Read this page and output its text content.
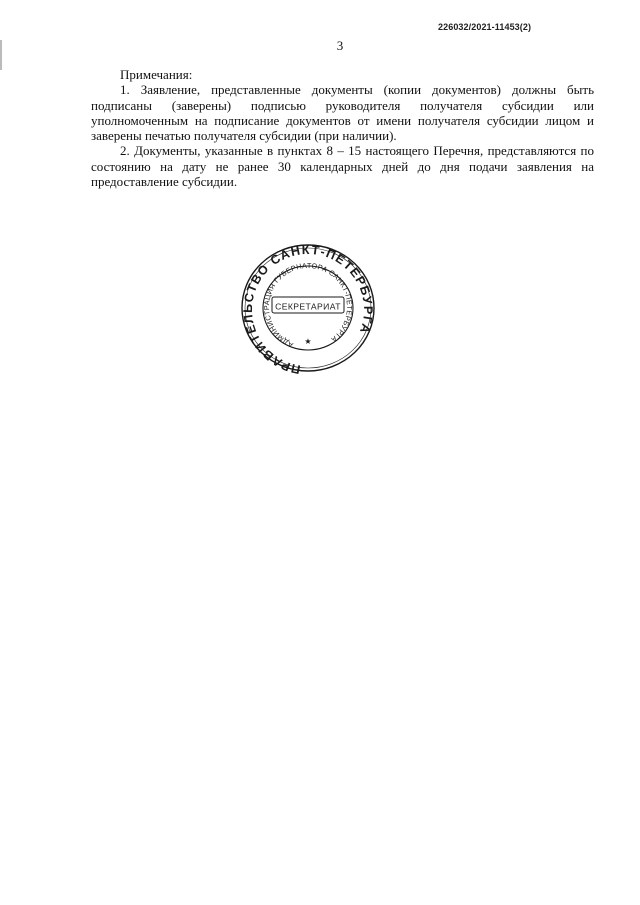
226032/2021-11453(2)
3

Примечания:

1. Заявление, представленные документы (копии документов) должны быть подписаны (заверены) подписью руководителя получателя субсидии или уполномоченным на подписание документов от имени получателя субсидии лицом и заверены печатью получателя субсидии (при наличии).

2. Документы, указанные в пунктах 8 – 15 настоящего Перечня, представляются по состоянию на дату не ранее 30 календарных дней до дня подачи заявления на предоставление субсидии.

ПРАВИТЕЛЬСТВО САНКТ-ПЕТЕРБУРГА
АДМИНИСТРАЦИЯ ГУБЕРНАТОРА САНКТ-ПЕТЕРБУРГА
СЕКРЕТАРИАТ
★
